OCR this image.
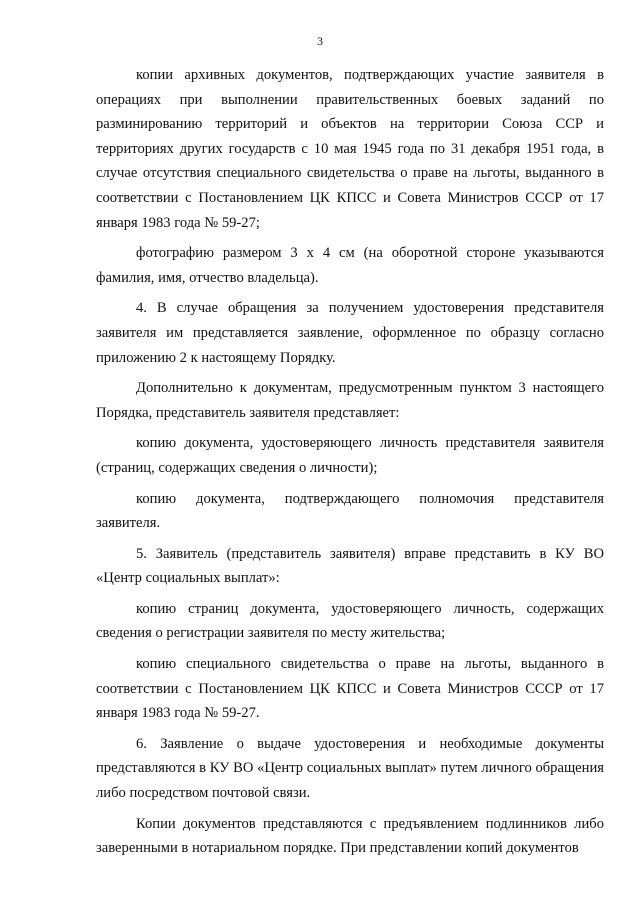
3

копии архивных документов, подтверждающих участие заявителя в операциях при выполнении правительственных боевых заданий по разминированию территорий и объектов на территории Союза ССР и территориях других государств с 10 мая 1945 года по 31 декабря 1951 года, в случае отсутствия специального свидетельства о праве на льготы, выданного в соответствии с Постановлением ЦК КПСС и Совета Министров СССР от 17 января 1983 года № 59-27;

фотографию размером 3 х 4 см (на оборотной стороне указываются фамилия, имя, отчество владельца).

4. В случае обращения за получением удостоверения представителя заявителя им представляется заявление, оформленное по образцу согласно приложению 2 к настоящему Порядку.

Дополнительно к документам, предусмотренным пунктом 3 настоящего Порядка, представитель заявителя представляет:

копию документа, удостоверяющего личность представителя заявителя (страниц, содержащих сведения о личности);

копию документа, подтверждающего полномочия представителя заявителя.

5. Заявитель (представитель заявителя) вправе представить в КУ ВО «Центр социальных выплат»:

копию страниц документа, удостоверяющего личность, содержащих сведения о регистрации заявителя по месту жительства;

копию специального свидетельства о праве на льготы, выданного в соответствии с Постановлением ЦК КПСС и Совета Министров СССР от 17 января 1983 года № 59-27.

6. Заявление о выдаче удостоверения и необходимые документы представляются в КУ ВО «Центр социальных выплат» путем личного обращения либо посредством почтовой связи.

Копии документов представляются с предъявлением подлинников либо заверенными в нотариальном порядке. При представлении копий документов
